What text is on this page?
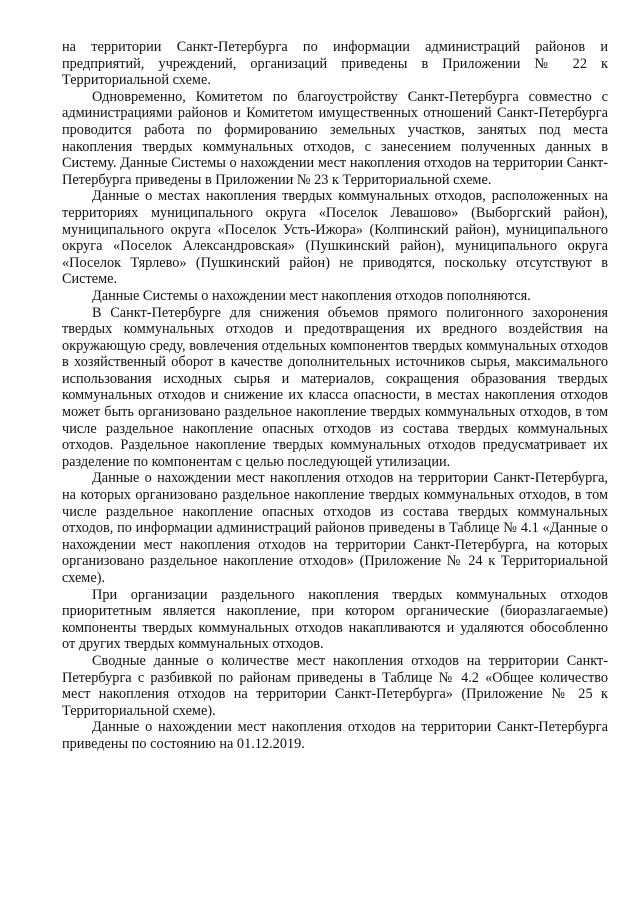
на территории Санкт-Петербурга по информации администраций районов и предприятий, учреждений, организаций приведены в Приложении № 22 к Территориальной схеме.

Одновременно, Комитетом по благоустройству Санкт-Петербурга совместно с администрациями районов и Комитетом имущественных отношений Санкт-Петербурга проводится работа по формированию земельных участков, занятых под места накопления твердых коммунальных отходов, с занесением полученных данных в Систему. Данные Системы о нахождении мест накопления отходов на территории Санкт-Петербурга приведены в Приложении № 23 к Территориальной схеме.

Данные о местах накопления твердых коммунальных отходов, расположенных на территориях муниципального округа «Поселок Левашово» (Выборгский район), муниципального округа «Поселок Усть-Ижора» (Колпинский район), муниципального округа «Поселок Александровская» (Пушкинский район), муниципального округа «Поселок Тярлево» (Пушкинский район) не приводятся, поскольку отсутствуют в Системе.

Данные Системы о нахождении мест накопления отходов пополняются.

В Санкт-Петербурге для снижения объемов прямого полигонного захоронения твердых коммунальных отходов и предотвращения их вредного воздействия на окружающую среду, вовлечения отдельных компонентов твердых коммунальных отходов в хозяйственный оборот в качестве дополнительных источников сырья, максимального использования исходных сырья и материалов, сокращения образования твердых коммунальных отходов и снижение их класса опасности, в местах накопления отходов может быть организовано раздельное накопление твердых коммунальных отходов, в том числе раздельное накопление опасных отходов из состава твердых коммунальных отходов. Раздельное накопление твердых коммунальных отходов предусматривает их разделение по компонентам с целью последующей утилизации.

Данные о нахождении мест накопления отходов на территории Санкт-Петербурга, на которых организовано раздельное накопление твердых коммунальных отходов, в том числе раздельное накопление опасных отходов из состава твердых коммунальных отходов, по информации администраций районов приведены в Таблице № 4.1 «Данные о нахождении мест накопления отходов на территории Санкт-Петербурга, на которых организовано раздельное накопление отходов» (Приложение № 24 к Территориальной схеме).

При организации раздельного накопления твердых коммунальных отходов приоритетным является накопление, при котором органические (биоразлагаемые) компоненты твердых коммунальных отходов накапливаются и удаляются обособленно от других твердых коммунальных отходов.

Сводные данные о количестве мест накопления отходов на территории Санкт-Петербурга с разбивкой по районам приведены в Таблице № 4.2 «Общее количество мест накопления отходов на территории Санкт-Петербурга» (Приложение № 25 к Территориальной схеме).

Данные о нахождении мест накопления отходов на территории Санкт-Петербурга приведены по состоянию на 01.12.2019.
